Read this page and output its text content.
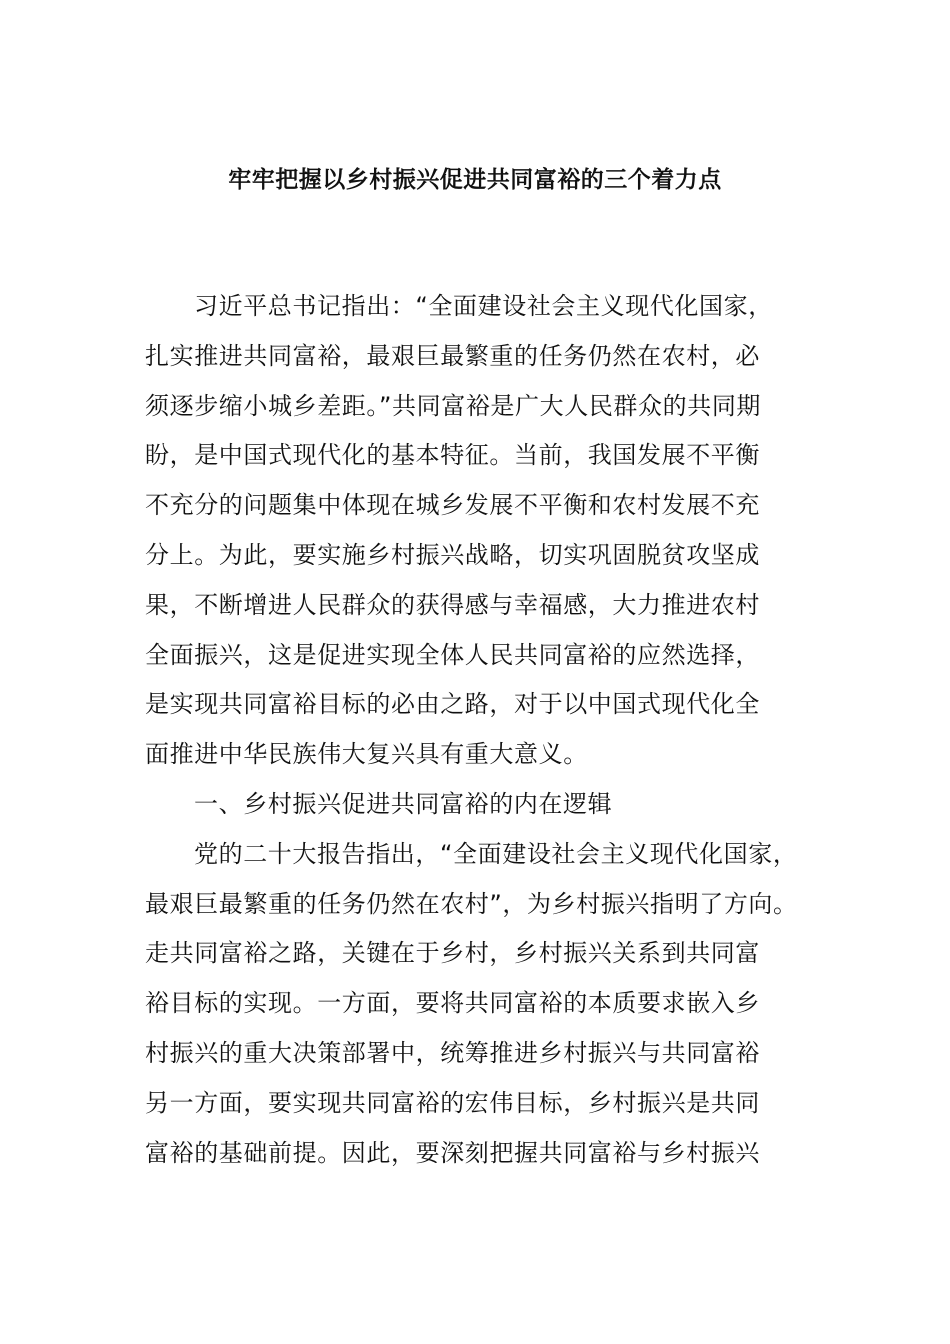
牢牢把握以乡村振兴促进共同富裕的三个着力点
习近平总书记指出：“全面建设社会主义现代化国家，
扎实推进共同富裕，最艰巨最繁重的任务仍然在农村，必
须逐步缩小城乡差距。”共同富裕是广大人民群众的共同期
盼，是中国式现代化的基本特征。当前，我国发展不平衡
不充分的问题集中体现在城乡发展不平衡和农村发展不充
分上。为此，要实施乡村振兴战略，切实巩固脱贫攻坚成
果，不断增进人民群众的获得感与幸福感，大力推进农村
全面振兴，这是促进实现全体人民共同富裕的应然选择，
是实现共同富裕目标的必由之路，对于以中国式现代化全
面推进中华民族伟大复兴具有重大意义。
一、乡村振兴促进共同富裕的内在逻辑
党的二十大报告指出，“全面建设社会主义现代化国家，
最艰巨最繁重的任务仍然在农村”，为乡村振兴指明了方向。
走共同富裕之路，关键在于乡村，乡村振兴关系到共同富
裕目标的实现。一方面，要将共同富裕的本质要求嵌入乡
村振兴的重大决策部署中，统筹推进乡村振兴与共同富裕
另一方面，要实现共同富裕的宏伟目标，乡村振兴是共同
富裕的基础前提。因此，要深刻把握共同富裕与乡村振兴
